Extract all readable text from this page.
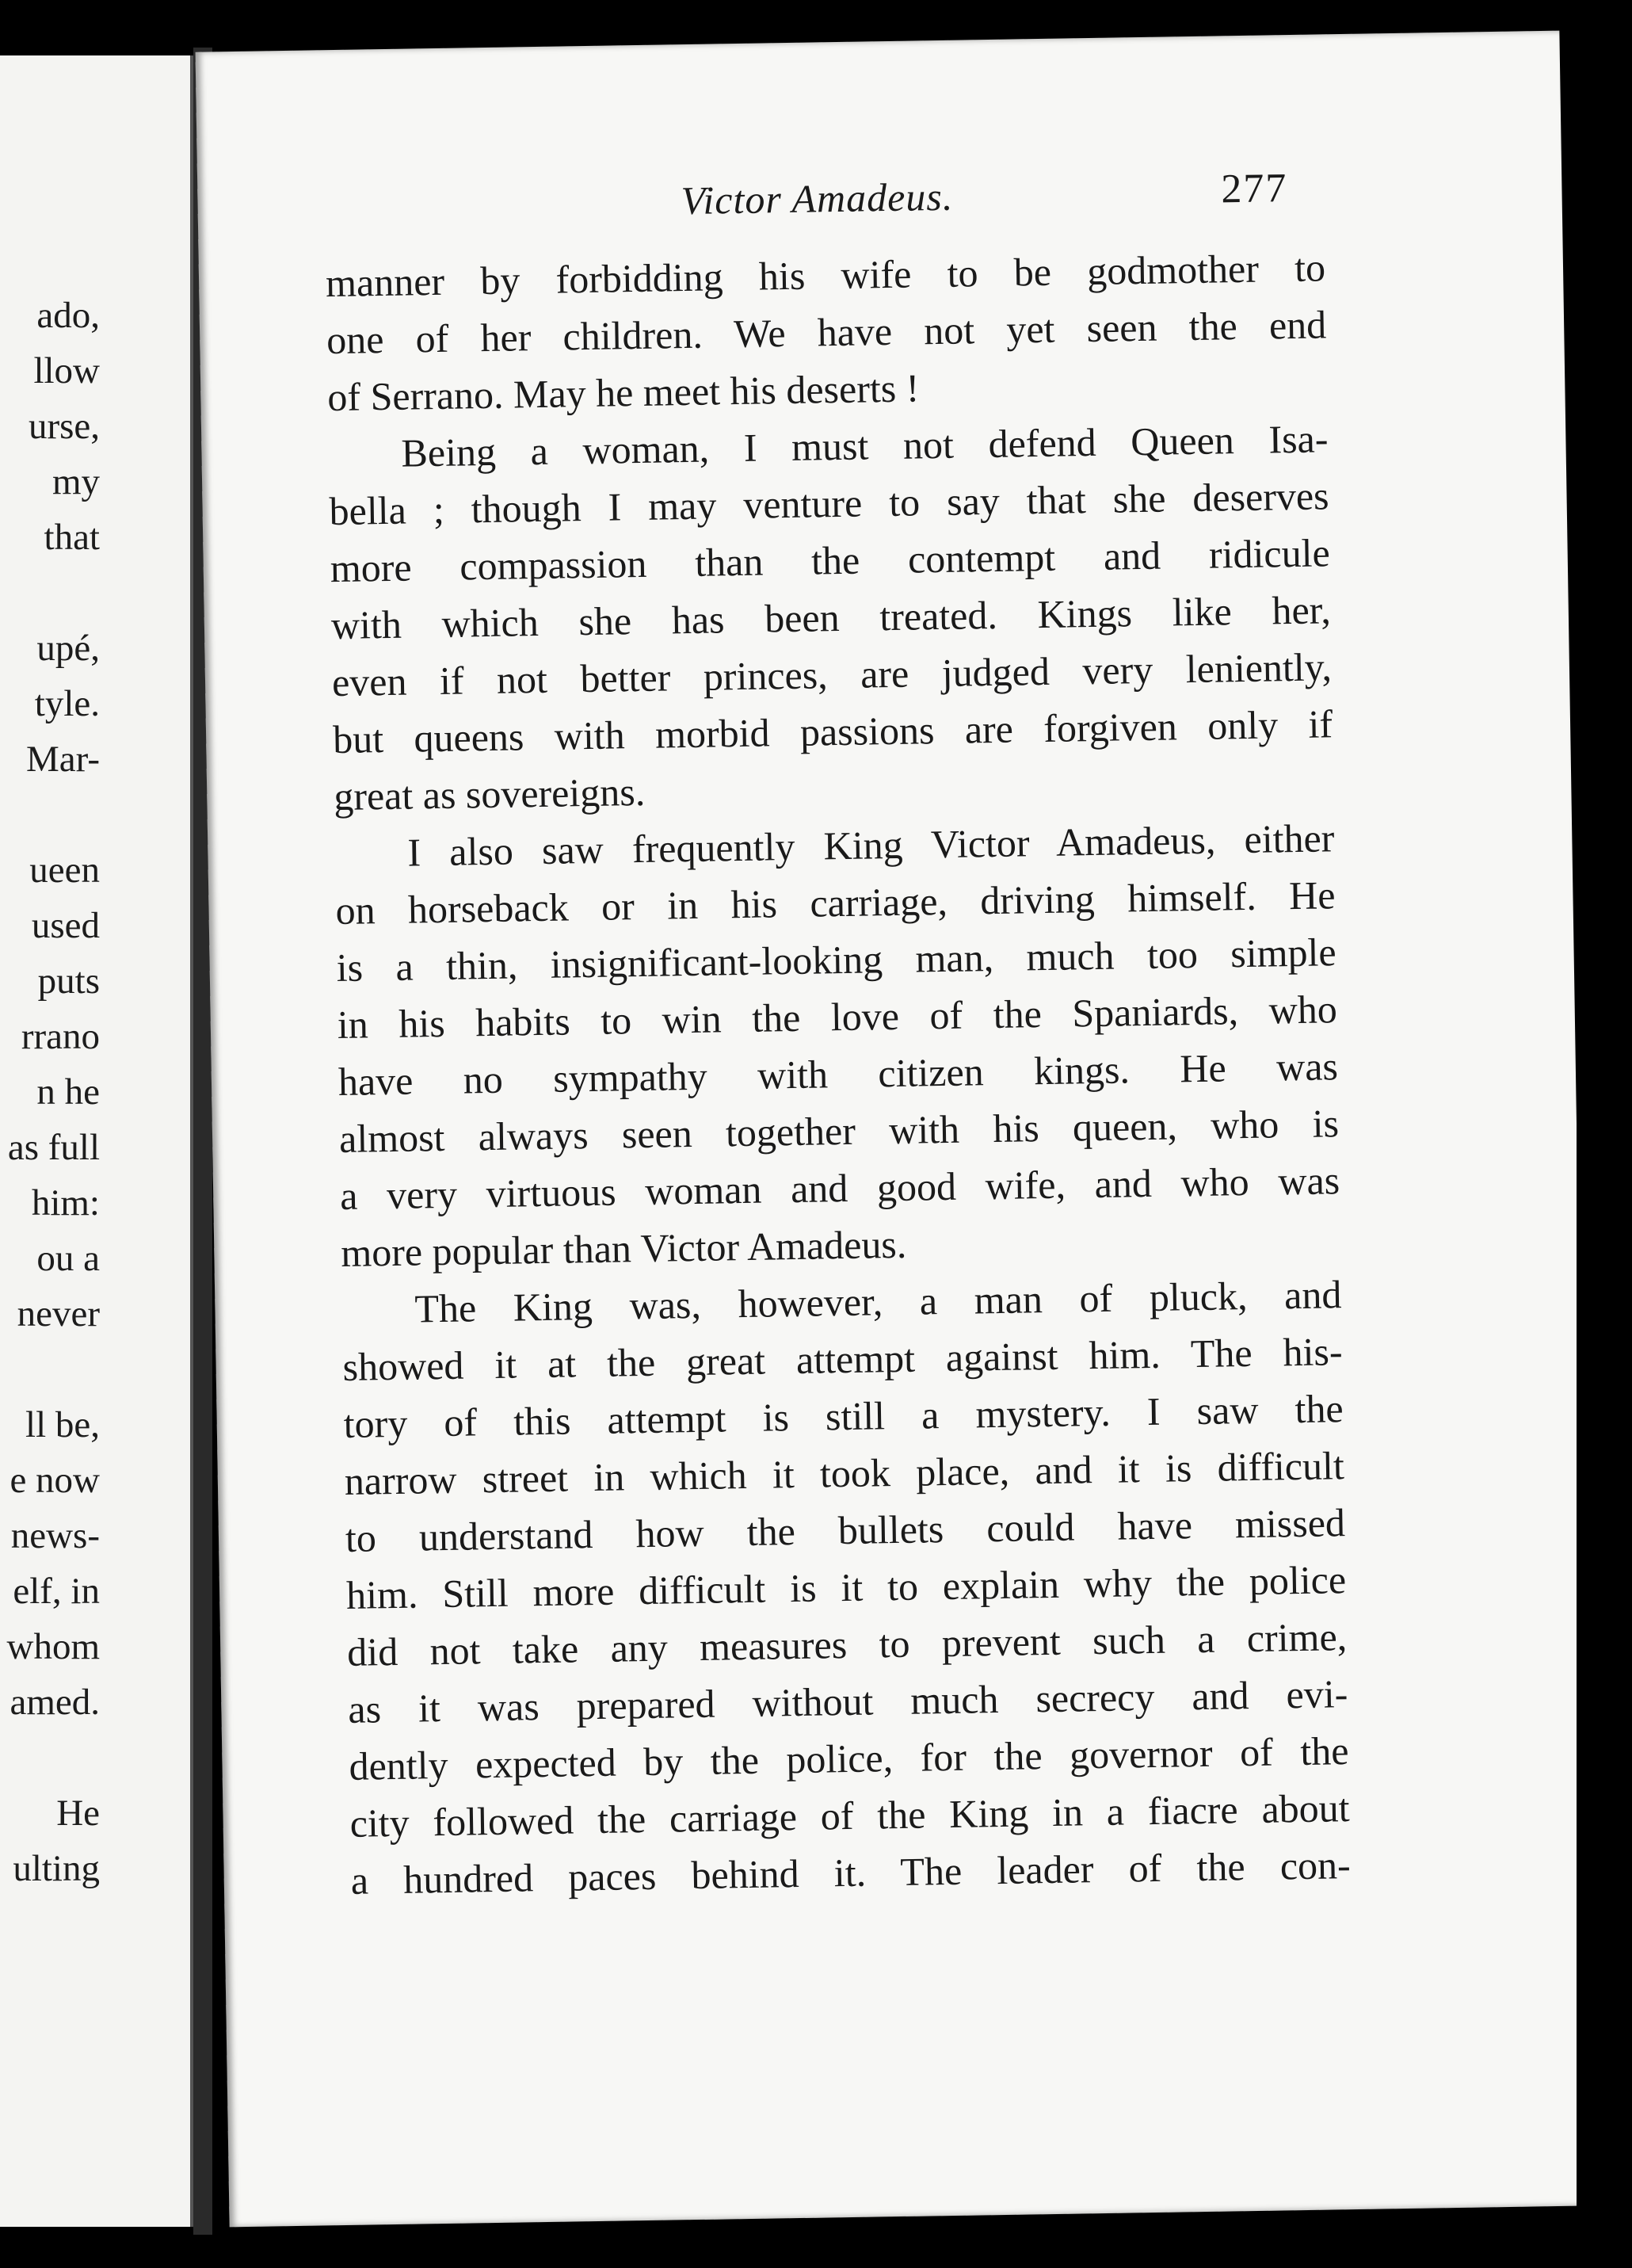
ado,
llow
urse,
my
that
upé,
tyle.
Mar-
ueen
used
puts
rrano
n he
as full
him:
ou a
never
ll be,
e now
news-
elf, in
whom
amed.
He
ulting
Victor Amadeus.	277
manner by forbidding his wife to be godmother to
one of her children. We have not yet seen the end
of Serrano. May he meet his deserts !
Being a woman, I must not defend Queen Isa-
bella ; though I may venture to say that she deserves
more compassion than the contempt and ridicule
with which she has been treated. Kings like her,
even if not better princes, are judged very leniently,
but queens with morbid passions are forgiven only if
great as sovereigns.
I also saw frequently King Victor Amadeus, either
on horseback or in his carriage, driving himself. He
is a thin, insignificant-looking man, much too simple
in his habits to win the love of the Spaniards, who
have no sympathy with citizen kings. He was
almost always seen together with his queen, who is
a very virtuous woman and good wife, and who was
more popular than Victor Amadeus.
The King was, however, a man of pluck, and
showed it at the great attempt against him. The his-
tory of this attempt is still a mystery. I saw the
narrow street in which it took place, and it is difficult
to understand how the bullets could have missed
him. Still more difficult is it to explain why the police
did not take any measures to prevent such a crime,
as it was prepared without much secrecy and evi-
dently expected by the police, for the governor of the
city followed the carriage of the King in a fiacre about
a hundred paces behind it. The leader of the con-
